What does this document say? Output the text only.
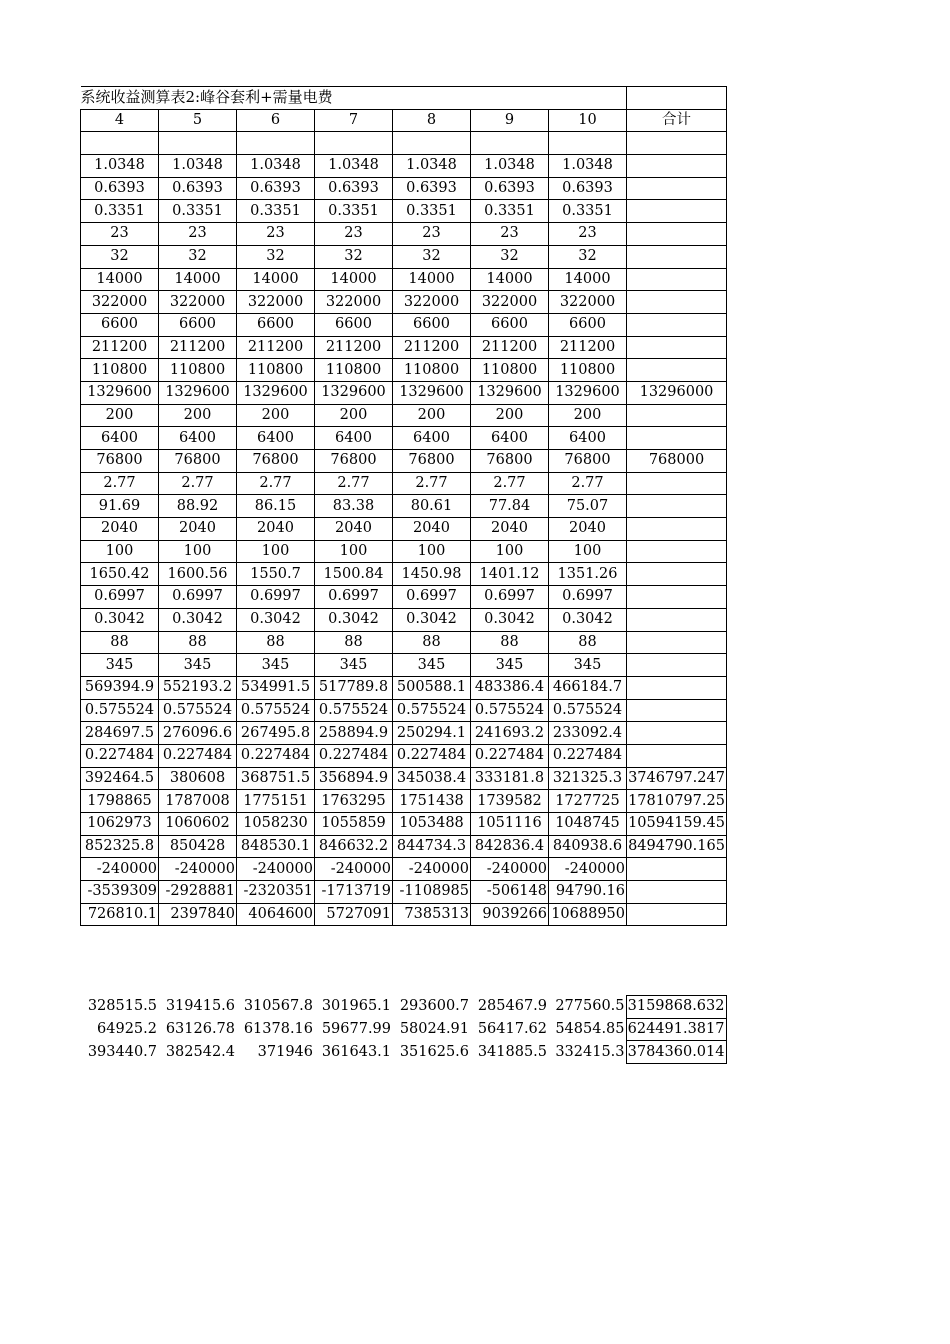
系统收益测算表2:峰谷套利+需量电费							
4	5	6	7	8	9	10	合计

1.0348	1.0348	1.0348	1.0348	1.0348	1.0348	1.0348	
0.6393	0.6393	0.6393	0.6393	0.6393	0.6393	0.6393	
0.3351	0.3351	0.3351	0.3351	0.3351	0.3351	0.3351	
23	23	23	23	23	23	23	
32	32	32	32	32	32	32	
14000	14000	14000	14000	14000	14000	14000	
322000	322000	322000	322000	322000	322000	322000	
6600	6600	6600	6600	6600	6600	6600	
211200	211200	211200	211200	211200	211200	211200	
110800	110800	110800	110800	110800	110800	110800	
1329600	1329600	1329600	1329600	1329600	1329600	1329600	13296000
200	200	200	200	200	200	200	
6400	6400	6400	6400	6400	6400	6400	
76800	76800	76800	76800	76800	76800	76800	768000
2.77	2.77	2.77	2.77	2.77	2.77	2.77	
91.69	88.92	86.15	83.38	80.61	77.84	75.07	
2040	2040	2040	2040	2040	2040	2040	
100	100	100	100	100	100	100	
1650.42	1600.56	1550.7	1500.84	1450.98	1401.12	1351.26	
0.6997	0.6997	0.6997	0.6997	0.6997	0.6997	0.6997	
0.3042	0.3042	0.3042	0.3042	0.3042	0.3042	0.3042	
88	88	88	88	88	88	88	
345	345	345	345	345	345	345	
569394.9	552193.2	534991.5	517789.8	500588.1	483386.4	466184.7	
0.575524	0.575524	0.575524	0.575524	0.575524	0.575524	0.575524	
284697.5	276096.6	267495.8	258894.9	250294.1	241693.2	233092.4	
0.227484	0.227484	0.227484	0.227484	0.227484	0.227484	0.227484	
392464.5	380608	368751.5	356894.9	345038.4	333181.8	321325.3	3746797.247
1798865	1787008	1775151	1763295	1751438	1739582	1727725	17810797.25
1062973	1060602	1058230	1055859	1053488	1051116	1048745	10594159.45
852325.8	850428	848530.1	846632.2	844734.3	842836.4	840938.6	8494790.165
-240000	-240000	-240000	-240000	-240000	-240000	-240000	
-3539309	-2928881	-2320351	-1713719	-1108985	-506148	94790.16	
726810.1	2397840	4064600	5727091	7385313	9039266	10688950	
328515.5	319415.6	310567.8	301965.1	293600.7	285467.9	277560.5	3159868.632
64925.2	63126.78	61378.16	59677.99	58024.91	56417.62	54854.85	624491.3817
393440.7	382542.4	371946	361643.1	351625.6	341885.5	332415.3	3784360.014
